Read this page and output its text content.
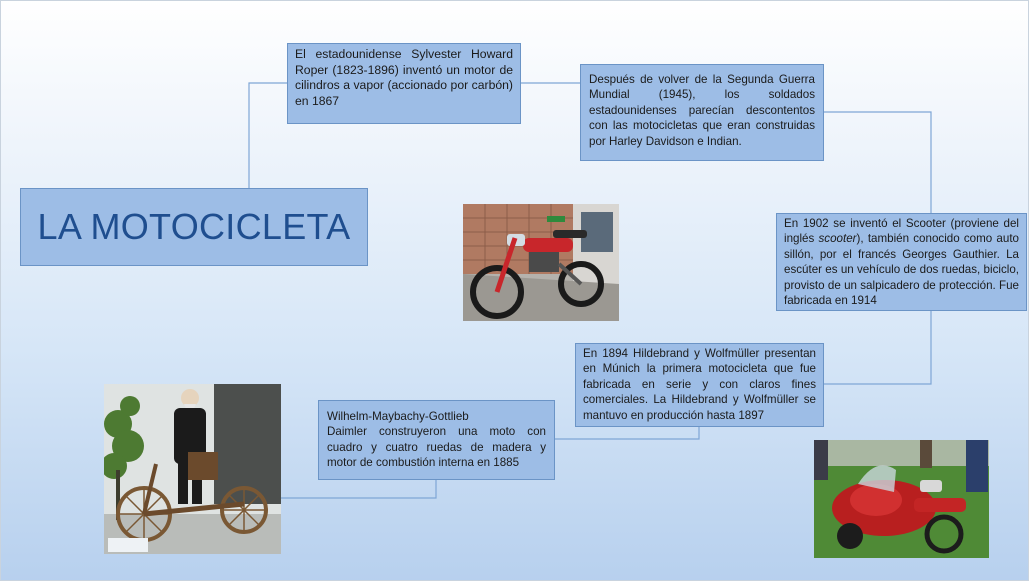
LA MOTOCICLETA
El estadounidense Sylvester Howard Roper (1823-1896) inventó un motor de cilindros a vapor (accionado por carbón) en 1867
Después de volver de la Segunda Guerra Mundial (1945), los soldados estadounidenses parecían descontentos con las motocicletas que eran construidas por Harley Davidson e Indian.
En 1902 se inventó el Scooter (proviene del inglés scooter), también conocido como auto sillón, por el francés Georges Gauthier. La escúter es un vehículo de dos ruedas, biciclo, provisto de un salpicadero de protección. Fue fabricada en 1914
En 1894 Hildebrand y Wolfmüller presentan en Múnich la primera motocicleta que fue fabricada en serie y con claros fines comerciales. La Hildebrand y Wolfmüller se mantuvo en producción hasta 1897
Wilhelm-Maybachy-Gottlieb
Daimler construyeron una moto con cuadro y cuatro ruedas de madera y motor de combustión interna en 1885
